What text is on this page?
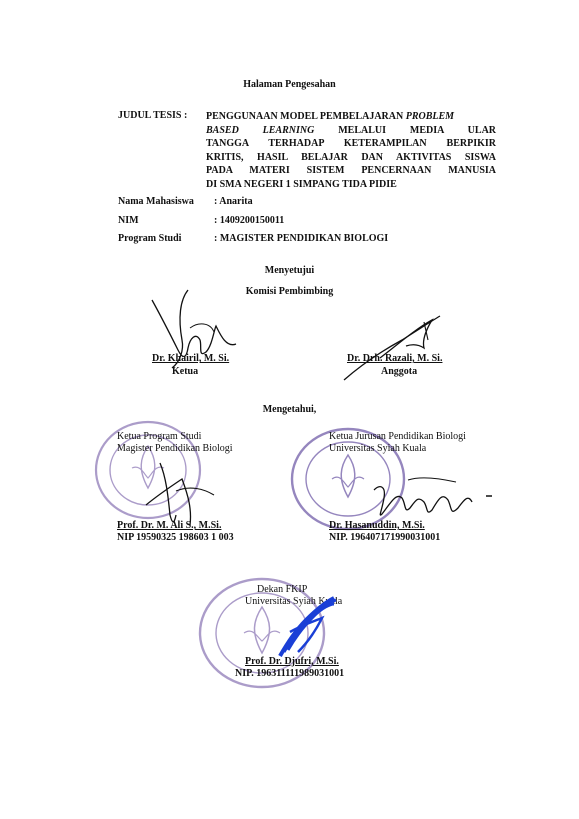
Halaman Pengesahan
JUDUL TESIS : PENGGUNAAN MODEL PEMBELAJARAN PROBLEM
BASED LEARNING MELALUI MEDIA ULAR
TANGGA TERHADAP KETERAMPILAN BERPIKIR
KRITIS, HASIL BELAJAR DAN AKTIVITAS SISWA
PADA MATERI SISTEM PENCERNAAN MANUSIA
DI SMA NEGERI 1 SIMPANG TIDA PIDIE
Nama Mahasiswa : Anarita
NIM	: 1409200150011
Program Studi	: MAGISTER PENDIDIKAN BIOLOGI
Menyetujui
Komisi Pembimbing
Dr. Khairil, M. Si.
Ketua
Dr. Drh. Razali, M. Si.
Anggota
Mengetahui,
Ketua Program Studi
Magister Pendidikan Biologi
Ketua Jurusan Pendidikan Biologi
Universitas Syiah Kuala
Prof. Dr. M. Ali S., M.Si.
NIP 19590325 198603 1 003
Dr. Hasanuddin, M.Si.
NIP. 196407171990031001
Dekan FKIP
Universitas Syiah Kuala
Prof. Dr. Djufri, M.Si.
NIP. 196311111989031001
